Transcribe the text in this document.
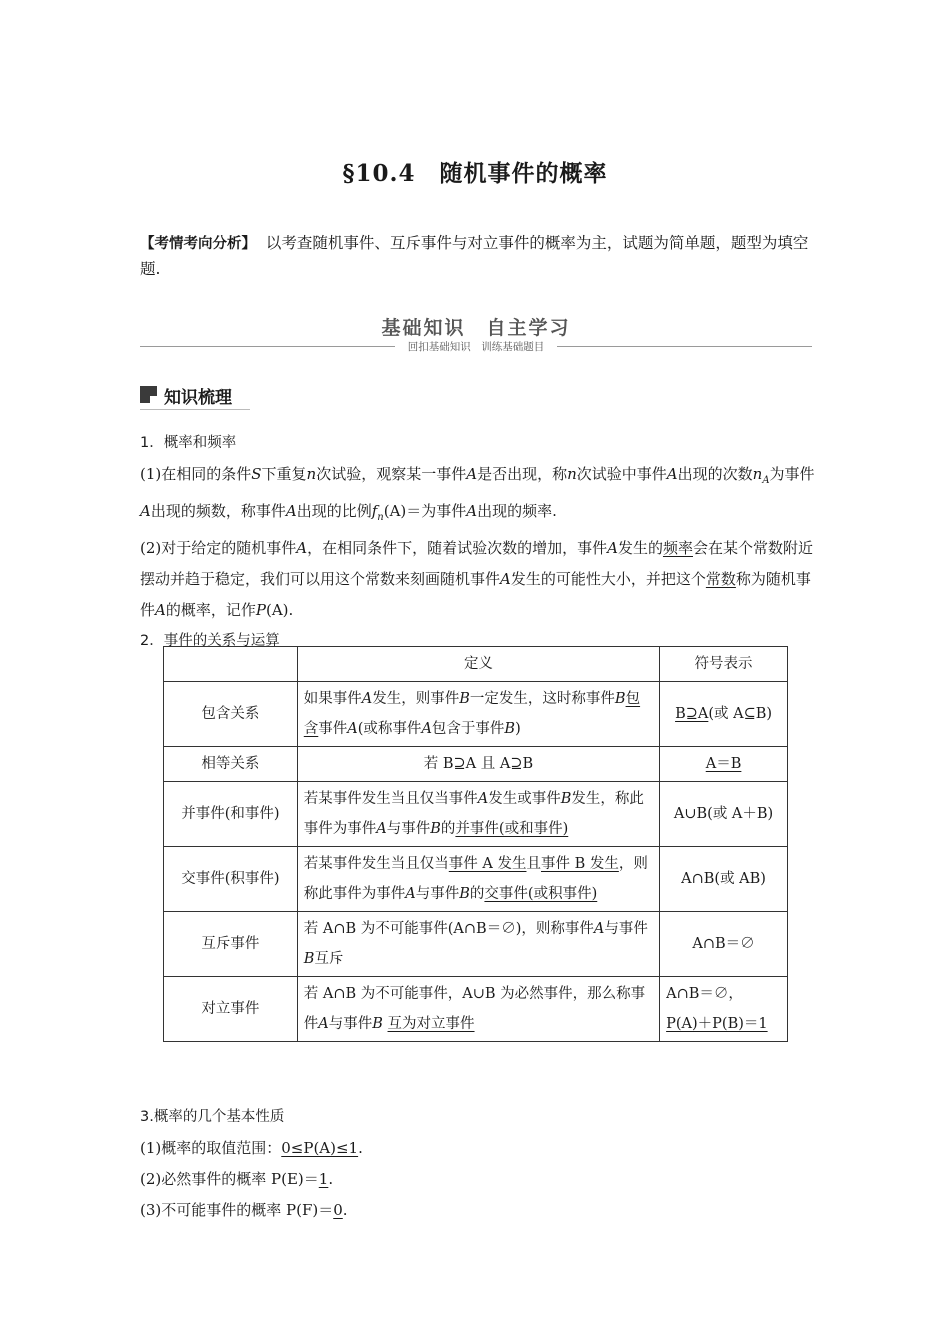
§10.4　随机事件的概率
【考情考向分析】 以考查随机事件、互斥事件与对立事件的概率为主，试题为简单题，题型为填空题.
基础知识　自主学习
回扣基础知识　训练基础题目
知识梳理
1．概率和频率
(1)在相同的条件S下重复n次试验，观察某一事件A是否出现，称n次试验中事件A出现的次数$n_A$为事件A出现的频数，称事件A出现的比例$f_n(A)=$为事件A出现的频率.
(2)对于给定的随机事件A，在相同条件下，随着试验次数的增加，事件A发生的频率会在某个常数附近摆动并趋于稳定，我们可以用这个常数来刻画随机事件A发生的可能性大小，并把这个常数称为随机事件A的概率，记作P(A).
2．事件的关系与运算
	定义	符号表示
包含关系	如果事件A发生，则事件B一定发生，这时称事件B包含事件A(或称事件A包含于事件B)	B⊇A(或 A⊆B)
相等关系	若 B⊇A 且 A⊇B	A＝B
并事件(和事件)	若某事件发生当且仅当事件A发生或事件B发生，称此事件为事件A与事件B的并事件(或和事件)	A∪B(或 A＋B)
交事件(积事件)	若某事件发生当且仅当事件 A 发生且事件 B 发生，则称此事件为事件A与事件B的交事件(或积事件)	A∩B(或 AB)
互斥事件	若 A∩B 为不可能事件(A∩B＝∅)，则称事件A与事件B互斥	A∩B＝∅
对立事件	若 A∩B 为不可能事件，A∪B 为必然事件，那么称事件A与事件B 互为对立事件	A∩B＝∅，
P(A)＋P(B)＝1
3.概率的几个基本性质
(1)概率的取值范围：0≤P(A)≤1.
(2)必然事件的概率 P(E)＝1.
(3)不可能事件的概率 P(F)＝0.
